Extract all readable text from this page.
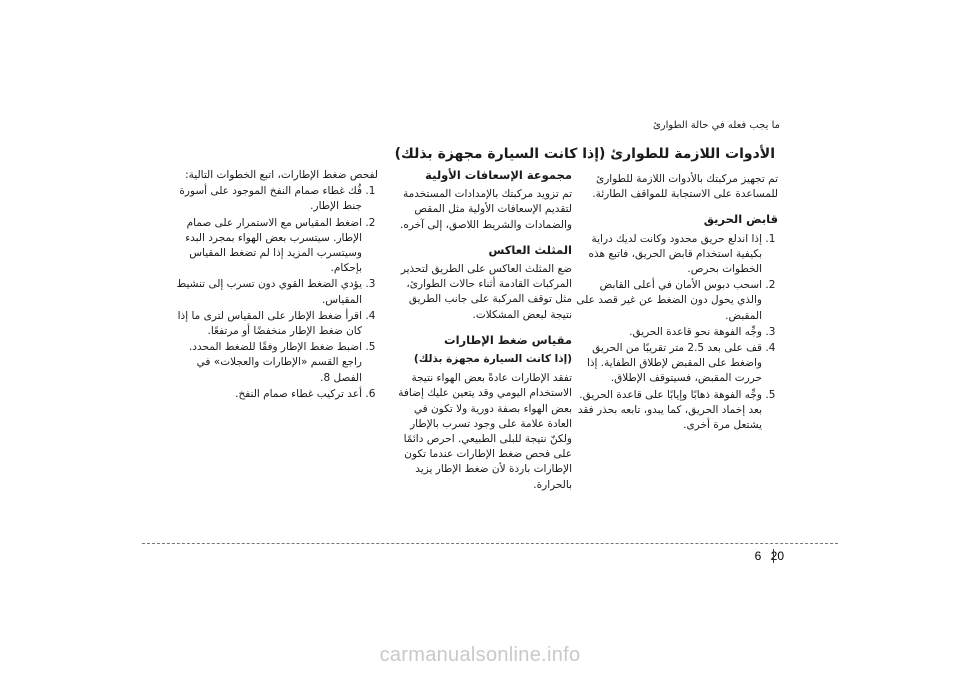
ما يجب فعله في حالة الطوارئ
الأدوات اللازمة للطوارئ (إذا كانت السيارة مجهزة بذلك)

تم تجهيز مركبتك بالأدوات اللازمة للطوارئ للمساعدة على الاستجابة للمواقف الطارئة.

قابض الحريق
1. إذا اندلع حريق محدود وكانت لديك دراية بكيفية استخدام قابض الحريق، فاتبع هذه الخطوات بحرص.
2. اسحب دبوس الأمان في أعلى القابض والذي يحول دون الضغط عن غير قصد على المقبض.
3. وجِّه الفوهة نحو قاعدة الحريق.
4. قف على بعد 2.5 متر تقريبًا من الحريق واضغط على المقبض لإطلاق الطفاية. إذا حررت المقبض، فسيتوقف الإطلاق.
5. وجِّه الفوهة ذهابًا وإيابًا على قاعدة الحريق. بعد إخماد الحريق، كما يبدو، تابعه بحذر فقد يشتعل مرة أخرى.
مجموعة الإسعافات الأولية

تم تزويد مركبتك بالإمدادات المستخدمة لتقديم الإسعافات الأولية مثل المقص والضمادات والشريط اللاصق، إلى آخره.

المثلث العاكس

ضع المثلث العاكس على الطريق لتحذير المركبات القادمة أثناء حالات الطوارئ، مثل توقف المركبة على جانب الطريق نتيجة لبعض المشكلات.

مقياس ضغط الإطارات
(إذا كانت السيارة مجهزة بذلك)

تفقد الإطارات عادةً بعض الهواء نتيجة الاستخدام اليومي وقد يتعين عليك إضافة بعض الهواء بصفة دورية ولا تكون في العادة علامة على وجود تسرب بالإطار ولكنّ نتيجة للبلى الطبيعي. احرص دائمًا على فحص ضغط الإطارات عندما تكون الإطارات باردة لأن ضغط الإطار يزيد بالحرارة.

لفحص ضغط الإطارات، اتبع الخطوات التالية:

1. فُك غطاء صمام النفخ الموجود على أسورة جنط الإطار.
2. اضغط المقياس مع الاستمرار على صمام الإطار. سيتسرب بعض الهواء بمجرد البدء وسيتسرب المزيد إذا لم تضغط المقياس بإحكام.
3. يؤدي الضغط القوي دون تسرب إلى تنشيط المقياس.
4. اقرأ ضغط الإطار على المقياس لترى ما إذا كان ضغط الإطار منخفضًا أو مرتفعًا.
5. اضبط ضغط الإطار وفقًا للضغط المحدد. راجع القسم «الإطارات والعجلات» في الفصل 8.
6. أعد تركيب غطاء صمام النفخ.
6 20
carmanualsonline.info
